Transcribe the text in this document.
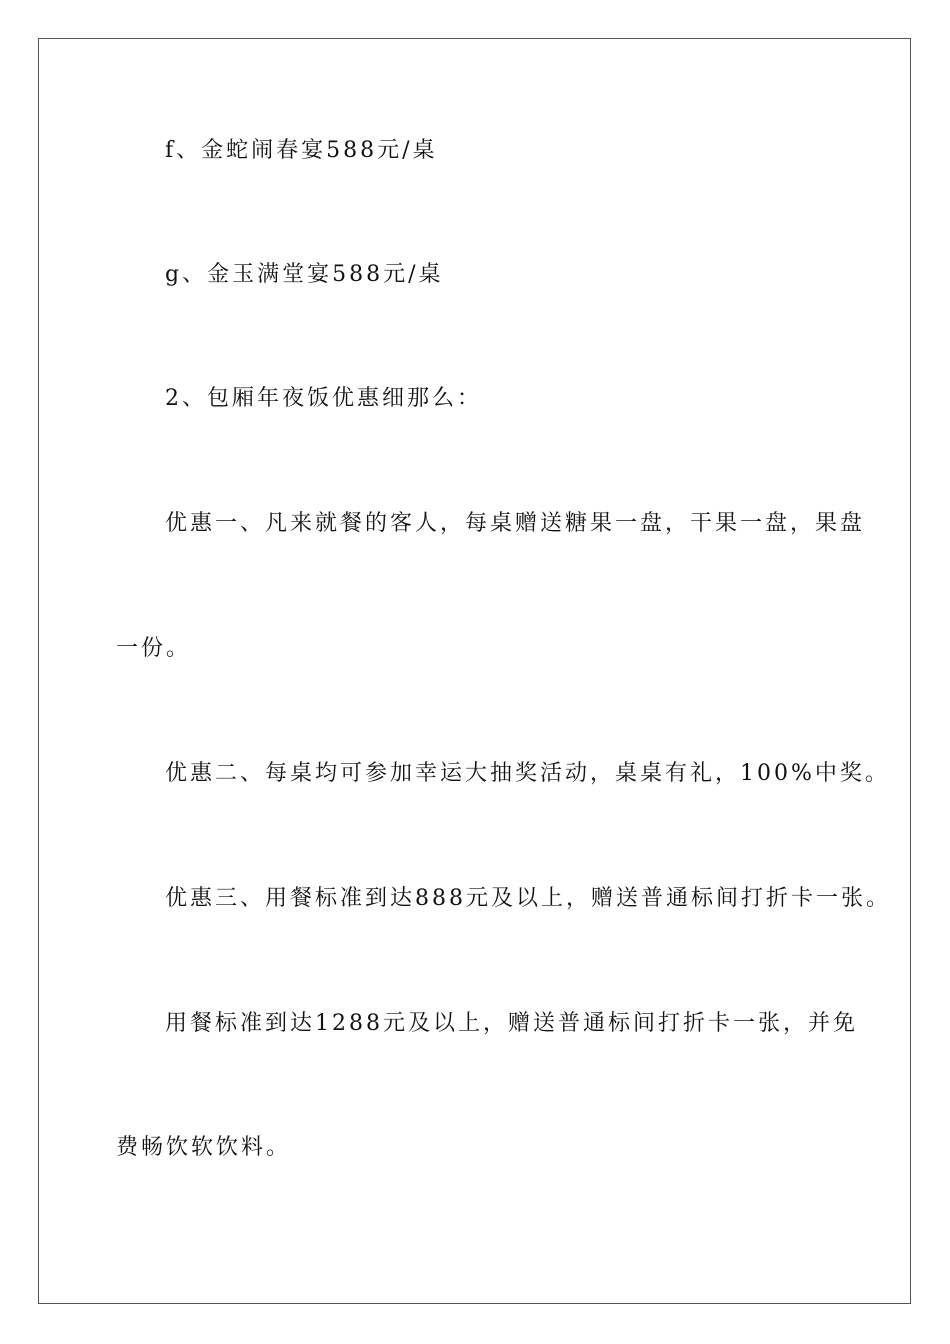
f、金蛇闹春宴588元/桌
g、金玉满堂宴588元/桌
2、包厢年夜饭优惠细那么：
优惠一、凡来就餐的客人，每桌赠送糖果一盘，干果一盘，果盘
一份。
优惠二、每桌均可参加幸运大抽奖活动，桌桌有礼，100%中奖。
优惠三、用餐标准到达888元及以上，赠送普通标间打折卡一张。
用餐标准到达1288元及以上，赠送普通标间打折卡一张，并免
费畅饮软饮料。
